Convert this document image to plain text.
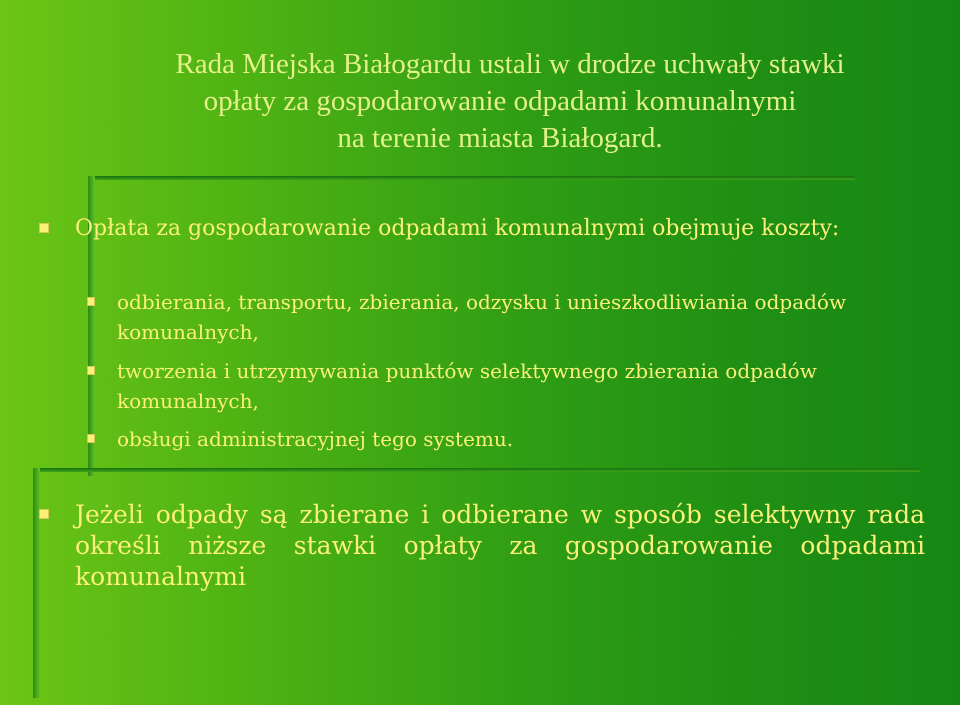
Rada Miejska Białogardu ustali w drodze uchwały stawki
opłaty za gospodarowanie odpadami komunalnymi
na terenie miasta Białogard.
Opłata za gospodarowanie odpadami komunalnymi obejmuje koszty:
odbierania, transportu, zbierania, odzysku i unieszkodliwiania odpadów komunalnych,
tworzenia i utrzymywania punktów selektywnego zbierania odpadów komunalnych,
obsługi administracyjnej tego systemu.
Jeżeli odpady są zbierane i odbierane w sposób selektywny rada określi niższe stawki opłaty za gospodarowanie odpadami komunalnymi
